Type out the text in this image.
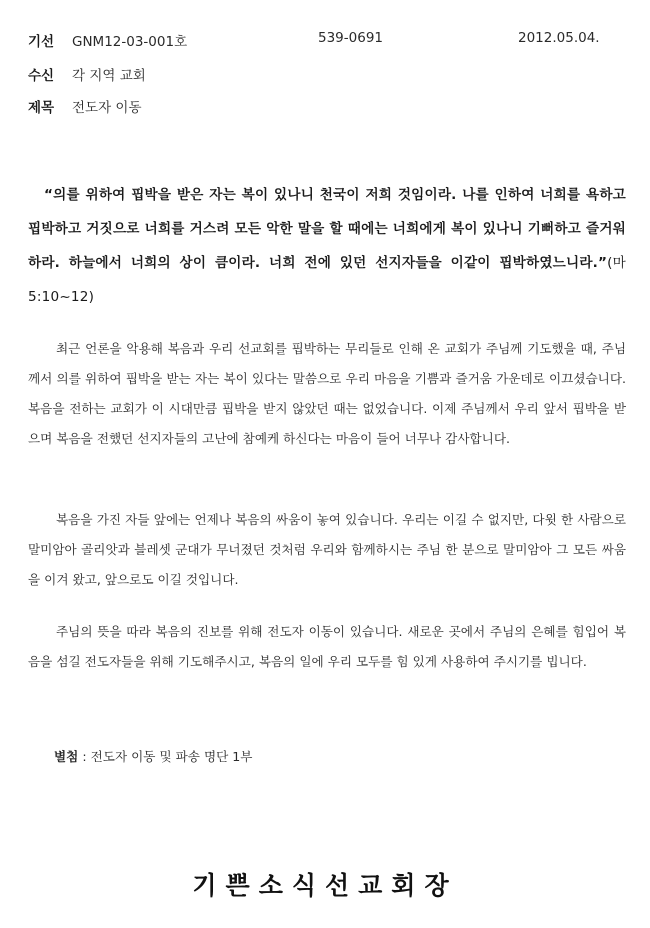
기선 GNM12-03-001호	539-0691	2012.05.04.
수신 각 지역 교회
제목 전도자 이동
“의를 위하여 핍박을 받은 자는 복이 있나니 천국이 저희 것임이라. 나를 인하여 너희를 욕하고 핍박하고 거짓으로 너희를 거스려 모든 악한 말을 할 때에는 너희에게 복이 있나니 기뻐하고 즐거워하라. 하늘에서 너희의 상이 큼이라. 너희 전에 있던 선지자들을 이같이 핍박하였느니라.”(마 5:10~12)
최근 언론을 악용해 복음과 우리 선교회를 핍박하는 무리들로 인해 온 교회가 주님께 기도했을 때, 주님께서 의를 위하여 핍박을 받는 자는 복이 있다는 말씀으로 우리 마음을 기쁨과 즐거움 가운데로 이끄셨습니다. 복음을 전하는 교회가 이 시대만큼 핍박을 받지 않았던 때는 없었습니다. 이제 주님께서 우리 앞서 핍박을 받으며 복음을 전했던 선지자들의 고난에 참예케 하신다는 마음이 들어 너무나 감사합니다.
복음을 가진 자들 앞에는 언제나 복음의 싸움이 놓여 있습니다. 우리는 이길 수 없지만, 다윗 한 사람으로 말미암아 골리앗과 블레셋 군대가 무너졌던 것처럼 우리와 함께하시는 주님 한 분으로 말미암아 그 모든 싸움을 이겨 왔고, 앞으로도 이길 것입니다.
주님의 뜻을 따라 복음의 진보를 위해 전도자 이동이 있습니다. 새로운 곳에서 주님의 은혜를 힘입어 복음을 섬길 전도자들을 위해 기도해주시고, 복음의 일에 우리 모두를 힘 있게 사용하여 주시기를 빕니다.
별첨 : 전도자 이동 및 파송 명단 1부
기쁜소식선교회장
